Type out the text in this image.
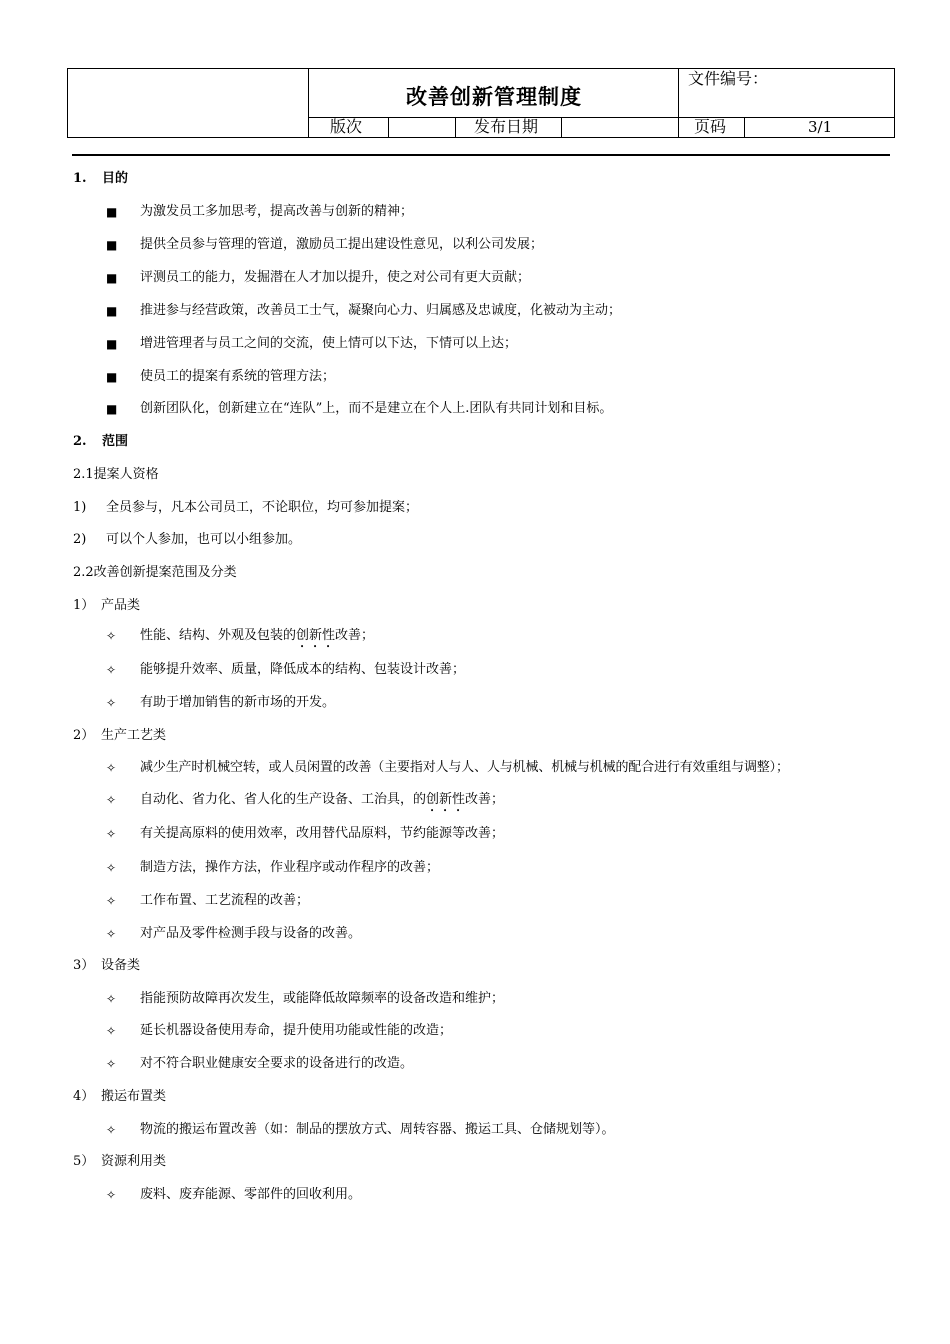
改善创新管理制度
文件编号：
版次	发布日期	页码	3/1
1. 目的
■ 为激发员工多加思考，提高改善与创新的精神；
■ 提供全员参与管理的管道，激励员工提出建设性意见，以利公司发展；
■ 评测员工的能力，发掘潜在人才加以提升，使之对公司有更大贡献；
■ 推进参与经营政策，改善员工士气，凝聚向心力、归属感及忠诚度，化被动为主动；
■ 增进管理者与员工之间的交流，使上情可以下达，下情可以上达；
■ 使员工的提案有系统的管理方法；
■ 创新团队化，创新建立在“连队”上，而不是建立在个人上.团队有共同计划和目标。
2. 范围
2.1提案人资格
1) 全员参与，凡本公司员工，不论职位，均可参加提案；
2) 可以个人参加，也可以小组参加。
2.2改善创新提案范围及分类
1） 产品类
✧ 性能、结构、外观及包装的创新性改善；
✧ 能够提升效率、质量，降低成本的结构、包装设计改善；
✧ 有助于增加销售的新市场的开发。
2） 生产工艺类
✧ 减少生产时机械空转，或人员闲置的改善（主要指对人与人、人与机械、机械与机械的配合进行有效重组与调整）；
✧ 自动化、省力化、省人化的生产设备、工治具，的创新性改善；
✧ 有关提高原料的使用效率，改用替代品原料，节约能源等改善；
✧ 制造方法，操作方法，作业程序或动作程序的改善；
✧ 工作布置、工艺流程的改善；
✧ 对产品及零件检测手段与设备的改善。
3） 设备类
✧ 指能预防故障再次发生，或能降低故障频率的设备改造和维护；
✧ 延长机器设备使用寿命，提升使用功能或性能的改造；
✧ 对不符合职业健康安全要求的设备进行的改造。
4） 搬运布置类
✧ 物流的搬运布置改善（如：制品的摆放方式、周转容器、搬运工具、仓储规划等）。
5） 资源利用类
✧ 废料、废弃能源、零部件的回收利用。
